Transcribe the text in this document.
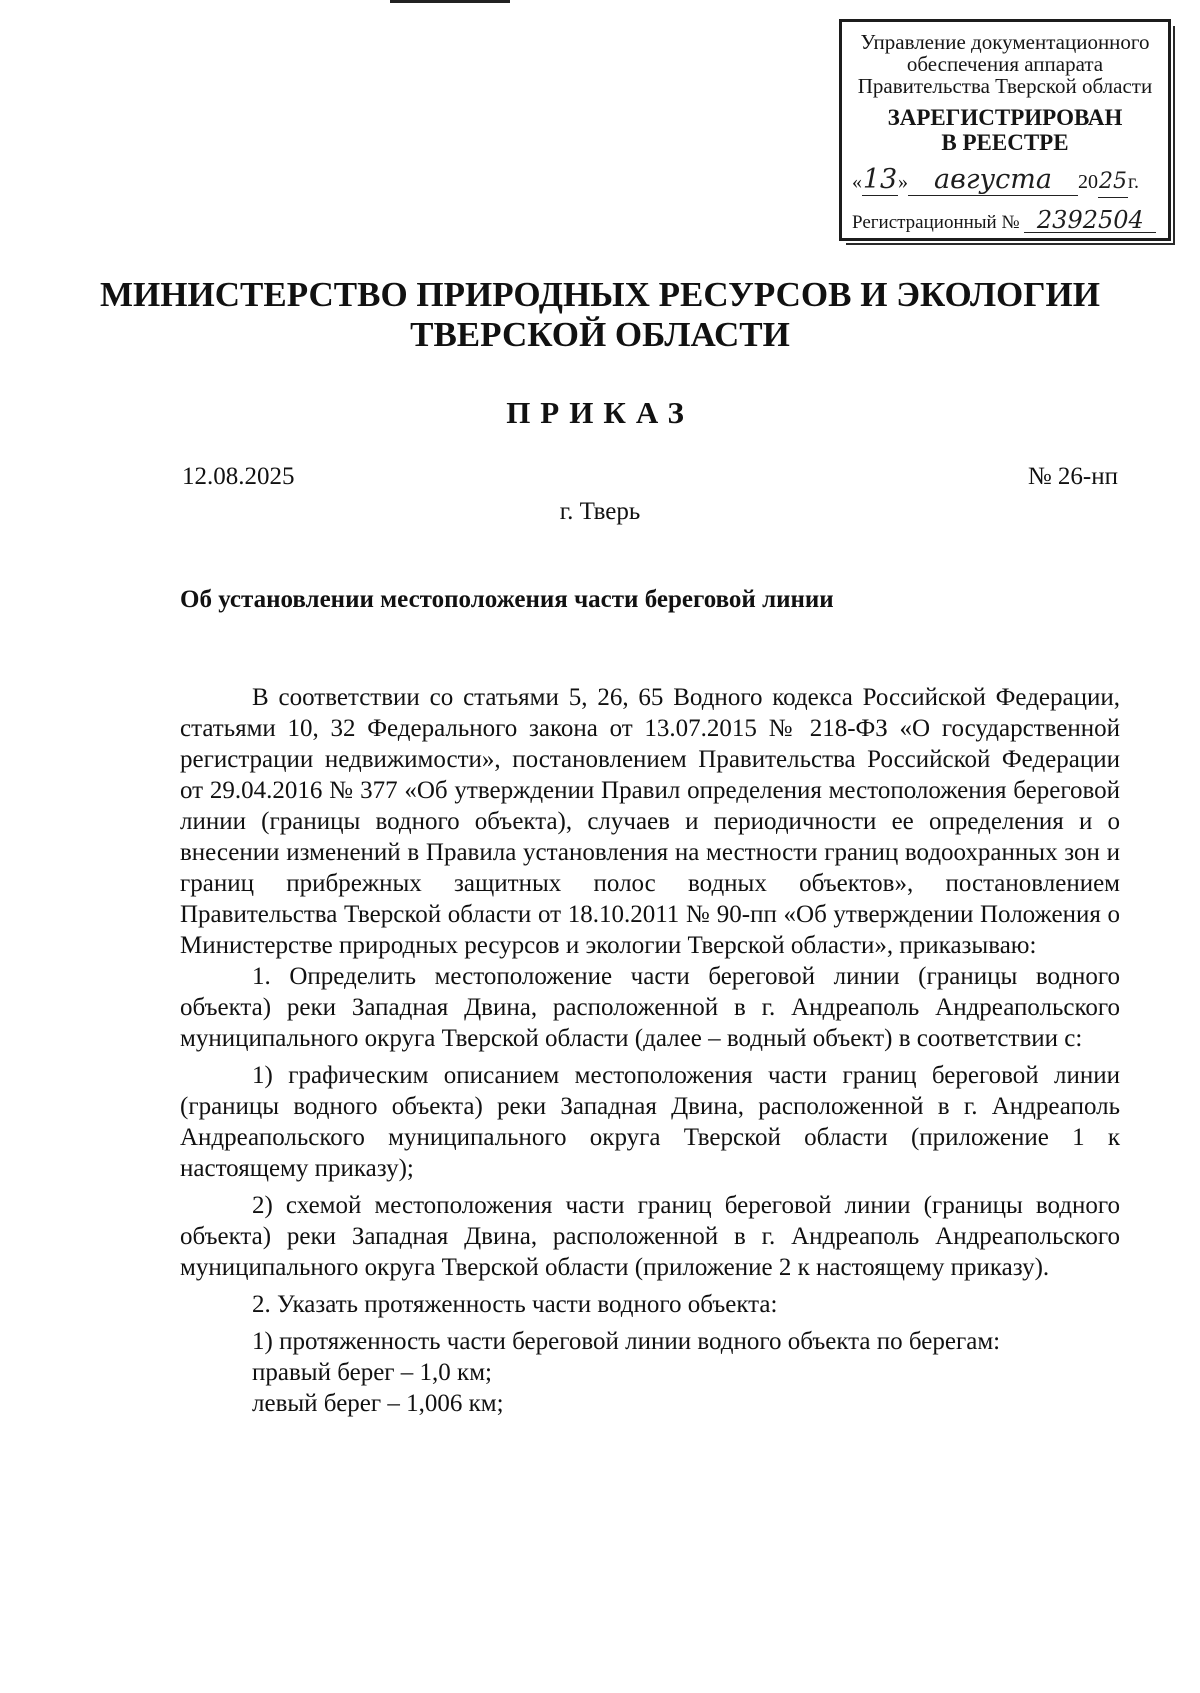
Управление документационного
обеспечения аппарата
Правительства Тверской области
ЗАРЕГИСТРИРОВАН
В РЕЕСТРЕ
«13» августа 2025г.
Регистрационный № 2392504
МИНИСТЕРСТВО ПРИРОДНЫХ РЕСУРСОВ И ЭКОЛОГИИ
ТВЕРСКОЙ ОБЛАСТИ
ПРИКАЗ
12.08.2025	№ 26-нп
г. Тверь
Об установлении местоположения части береговой линии

В соответствии со статьями 5, 26, 65 Водного кодекса Российской Федерации, статьями 10, 32 Федерального закона от 13.07.2015 № 218-ФЗ «О государственной регистрации недвижимости», постановлением Правительства Российской Федерации от 29.04.2016 № 377 «Об утверждении Правил определения местоположения береговой линии (границы водного объекта), случаев и периодичности ее определения и о внесении изменений в Правила установления на местности границ водоохранных зон и границ прибрежных защитных полос водных объектов», постановлением Правительства Тверской области от 18.10.2011 № 90-пп «Об утверждении Положения о Министерстве природных ресурсов и экологии Тверской области», приказываю:

1. Определить местоположение части береговой линии (границы водного объекта) реки Западная Двина, расположенной в г. Андреаполь Андреапольского муниципального округа Тверской области (далее – водный объект) в соответствии с:

1) графическим описанием местоположения части границ береговой линии (границы водного объекта) реки Западная Двина, расположенной в г. Андреаполь Андреапольского муниципального округа Тверской области (приложение 1 к настоящему приказу);

2) схемой местоположения части границ береговой линии (границы водного объекта) реки Западная Двина, расположенной в г. Андреаполь Андреапольского муниципального округа Тверской области (приложение 2 к настоящему приказу).

2. Указать протяженность части водного объекта:

1) протяженность части береговой линии водного объекта по берегам:

правый берег – 1,0 км;

левый берег – 1,006 км;
